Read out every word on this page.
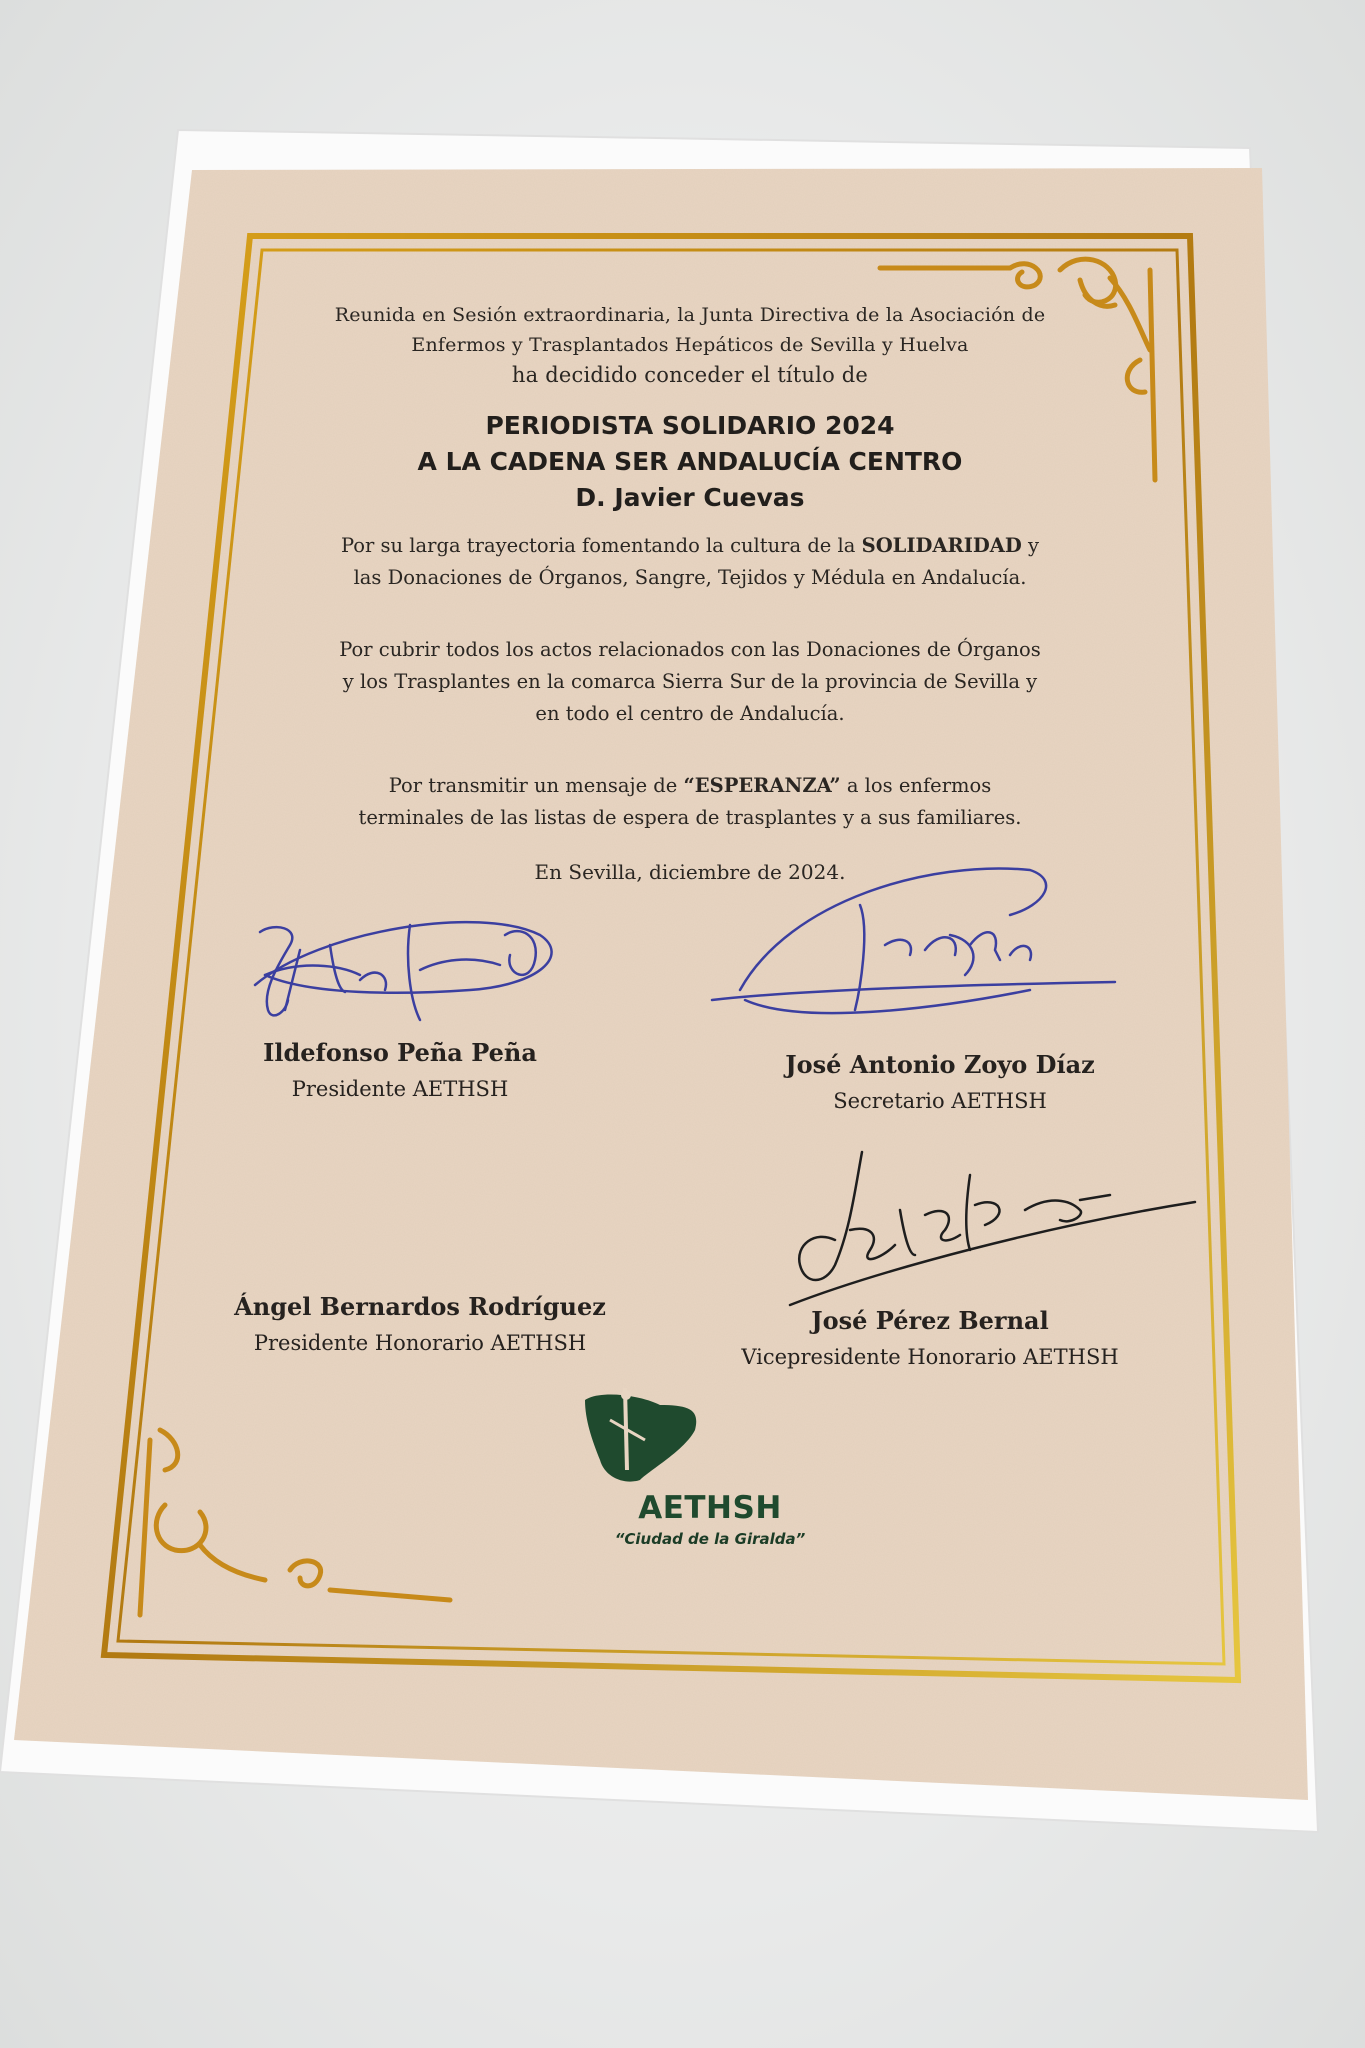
Reunida en Sesión extraordinaria, la Junta Directiva de la Asociación de
Enfermos y Trasplantados Hepáticos de Sevilla y Huelva
ha decidido conceder el título de
PERIODISTA SOLIDARIO 2024
A LA CADENA SER ANDALUCÍA CENTRO
D. Javier Cuevas
Por su larga trayectoria fomentando la cultura de la SOLIDARIDAD y
las Donaciones de Órganos, Sangre, Tejidos y Médula en Andalucía.
Por cubrir todos los actos relacionados con las Donaciones de Órganos
y los Trasplantes en la comarca Sierra Sur de la provincia de Sevilla y
en todo el centro de Andalucía.
Por transmitir un mensaje de “ESPERANZA” a los enfermos
terminales de las listas de espera de trasplantes y a sus familiares.
En Sevilla, diciembre de 2024.
Ildefonso Peña Peña
Presidente AETHSH
José Antonio Zoyo Díaz
Secretario AETHSH
Ángel Bernardos Rodríguez
Presidente Honorario AETHSH
José Pérez Bernal
Vicepresidente Honorario AETHSH
AETHSH
“Ciudad de la Giralda”
